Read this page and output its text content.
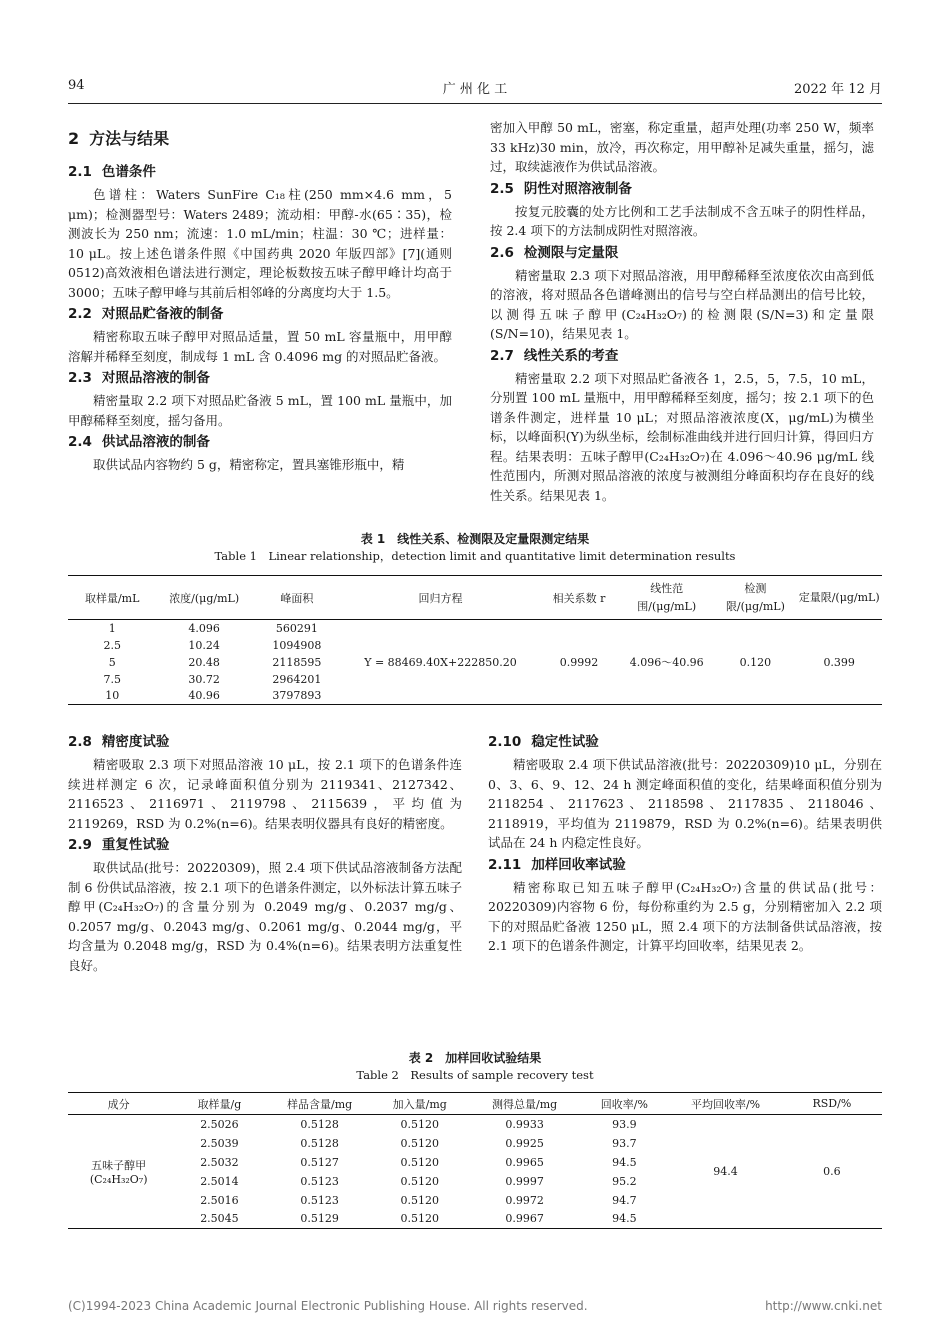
94	广 州 化 工	2022 年 12 月
2 方法与结果
2.1 色谱条件

色谱柱：Waters SunFire C₁₈柱(250 mm×4.6 mm，5 μm)；检测器型号：Waters 2489；流动相：甲醇-水(65∶35)，检测波长为 250 nm；流速：1.0 mL/min；柱温：30 ℃；进样量：10 μL。按上述色谱条件照《中国药典 2020 年版四部》[7](通则 0512)高效液相色谱法进行测定，理论板数按五味子醇甲峰计均高于3000；五味子醇甲峰与其前后相邻峰的分离度均大于 1.5。

2.2 对照品贮备液的制备

精密称取五味子醇甲对照品适量，置 50 mL 容量瓶中，用甲醇溶解并稀释至刻度，制成每 1 mL 含 0.4096 mg 的对照品贮备液。

2.3 对照品溶液的制备

精密量取 2.2 项下对照品贮备液 5 mL，置 100 mL 量瓶中，加甲醇稀释至刻度，摇匀备用。

2.4 供试品溶液的制备

取供试品内容物约 5 g，精密称定，置具塞锥形瓶中，精

密加入甲醇 50 mL，密塞，称定重量，超声处理(功率 250 W，频率 33 kHz)30 min，放冷，再次称定，用甲醇补足减失重量，摇匀，滤过，取续滤液作为供试品溶液。

2.5 阴性对照溶液制备

按复元胶囊的处方比例和工艺手法制成不含五味子的阴性样品，按 2.4 项下的方法制成阴性对照溶液。

2.6 检测限与定量限

精密量取 2.3 项下对照品溶液，用甲醇稀释至浓度依次由高到低的溶液，将对照品各色谱峰测出的信号与空白样品测出的信号比较，以测得五味子醇甲(C₂₄H₃₂O₇)的检测限(S/N=3)和定量限(S/N=10)，结果见表 1。

2.7 线性关系的考查

精密量取 2.2 项下对照品贮备液各 1，2.5，5，7.5，10 mL，分别置 100 mL 量瓶中，用甲醇稀释至刻度，摇匀；按 2.1 项下的色谱条件测定，进样量 10 μL；对照品溶液浓度(X，μg/mL)为横坐标，以峰面积(Y)为纵坐标，绘制标准曲线并进行回归计算，得回归方程。结果表明：五味子醇甲(C₂₄H₃₂O₇)在 4.096～40.96 μg/mL 线性范围内，所测对照品溶液的浓度与被测组分峰面积均存在良好的线性关系。结果见表 1。

表 1　线性关系、检测限及定量限测定结果
Table 1　Linear relationship，detection limit and quantitative limit determination results
取样量/mL	浓度/(μg/mL)	峰面积	回归方程	相关系数 r	线性范围/(μg/mL)	检测限/(μg/mL)	定量限/(μg/mL)
1	4.096	560291	Y = 88469.40X+222850.20	0.9992	4.096～40.96	0.120	0.399
2.5	10.24	1094908					
5	20.48	2118595					
7.5	30.72	2964201					
10	40.96	3797893					
2.8 精密度试验

精密吸取 2.3 项下对照品溶液 10 μL，按 2.1 项下的色谱条件连续进样测定 6 次，记录峰面积值分别为 2119341、2127342、2116523、2116971、2119798、2115639，平均值为 2119269，RSD 为 0.2%(n=6)。结果表明仪器具有良好的精密度。

2.9 重复性试验

取供试品(批号：20220309)，照 2.4 项下供试品溶液制备方法配制 6 份供试品溶液，按 2.1 项下的色谱条件测定，以外标法计算五味子醇甲(C₂₄H₃₂O₇)的含量分别为 0.2049 mg/g、0.2037 mg/g、0.2057 mg/g、0.2043 mg/g、0.2061 mg/g、0.2044 mg/g，平均含量为 0.2048 mg/g，RSD 为 0.4%(n=6)。结果表明方法重复性良好。

2.10 稳定性试验

精密吸取 2.4 项下供试品溶液(批号：20220309)10 μL，分别在 0、3、6、9、12、24 h 测定峰面积值的变化，结果峰面积值分别为 2118254、2117623、2118598、2117835、2118046、2118919，平均值为 2119879，RSD 为 0.2%(n=6)。结果表明供试品在 24 h 内稳定性良好。

2.11 加样回收率试验

精密称取已知五味子醇甲(C₂₄H₃₂O₇)含量的供试品(批号：20220309)内容物 6 份，每份称重约为 2.5 g，分别精密加入 2.2 项下的对照品贮备液 1250 μL，照 2.4 项下的方法制备供试品溶液，按 2.1 项下的色谱条件测定，计算平均回收率，结果见表 2。

表 2　加样回收试验结果
Table 2　Results of sample recovery test
成分	取样量/g	样品含量/mg	加入量/mg	测得总量/mg	回收率/%	平均回收率/%	RSD/%

五味子醇甲
(C₂₄H₃₂O₇)	2.5026	0.5128	0.5120	0.9933	93.9	94.4	0.6
	2.5039	0.5128	0.5120	0.9925	93.7		
	2.5032	0.5127	0.5120	0.9965	94.5		
	2.5014	0.5123	0.5120	0.9997	95.2		
	2.5016	0.5123	0.5120	0.9972	94.7		
	2.5045	0.5129	0.5120	0.9967	94.5		
(C)1994-2023 China Academic Journal Electronic Publishing House. All rights reserved.	http://www.cnki.net
